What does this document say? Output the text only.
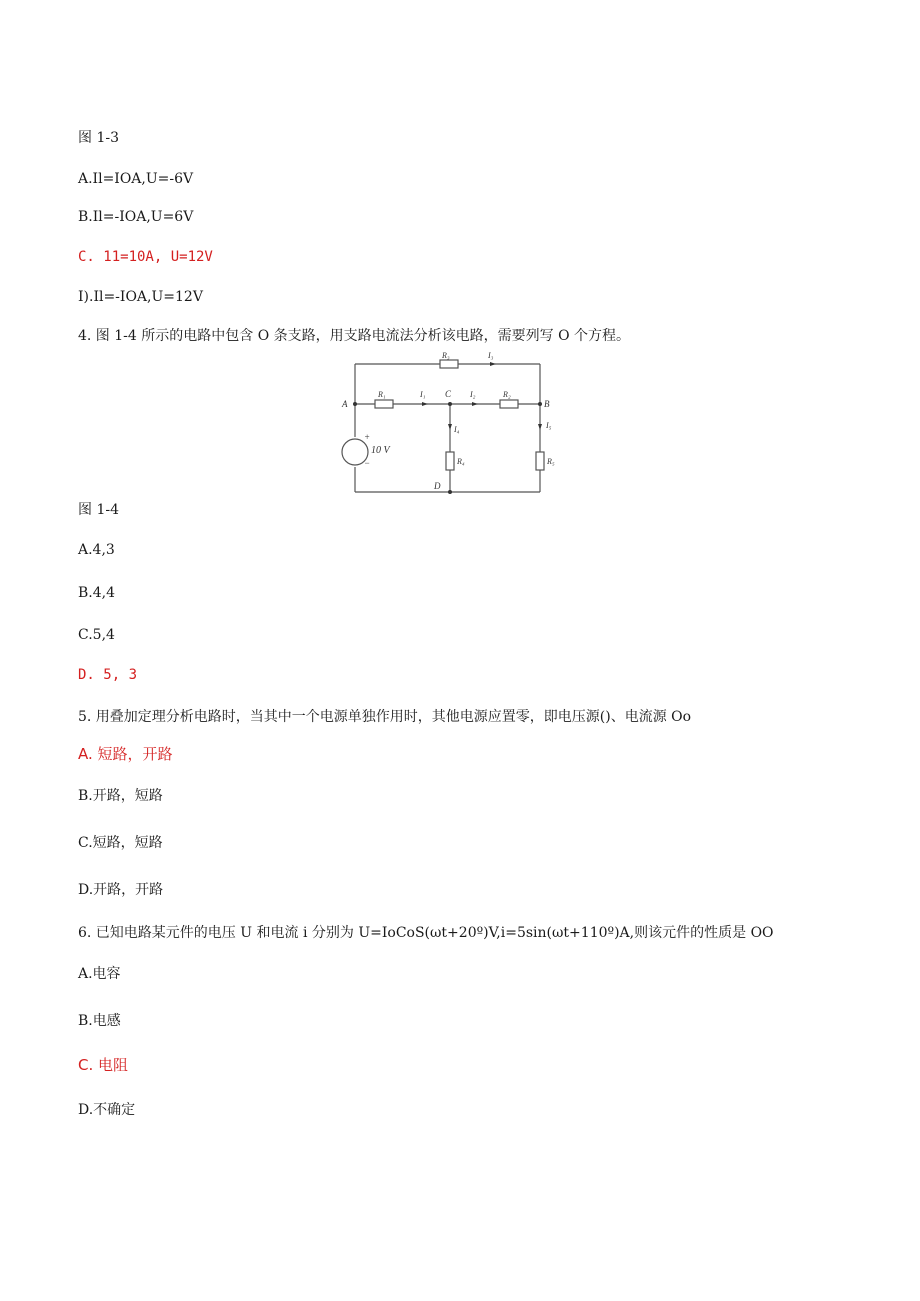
图 1-3
A.Il=IOA,U=-6V
B.Il=-IOA,U=6V
C. 11=10A, U=12V
I).Il=-IOA,U=12V
4. 图 1-4 所示的电路中包含 O 条支路，用支路电流法分析该电路，需要列写 O 个方程。
R₃	I₃
R₁	I₁ C I₂	R₂
A	B
I₄	I₅
R₄	R₅
+
10 V
−
D
图 1-4
A.4,3
B.4,4
C.5,4
D. 5, 3
5. 用叠加定理分析电路时，当其中一个电源单独作用时，其他电源应置零，即电压源()、电流源 Oo
A. 短路，开路
B.开路，短路
C.短路，短路
D.开路，开路
6. 已知电路某元件的电压 U 和电流 i 分别为 U=IoCoS(ωt+20º)V,i=5sin(ωt+110º)A,则该元件的性质是 OO
A.电容
B.电感
C. 电阻
D.不确定
